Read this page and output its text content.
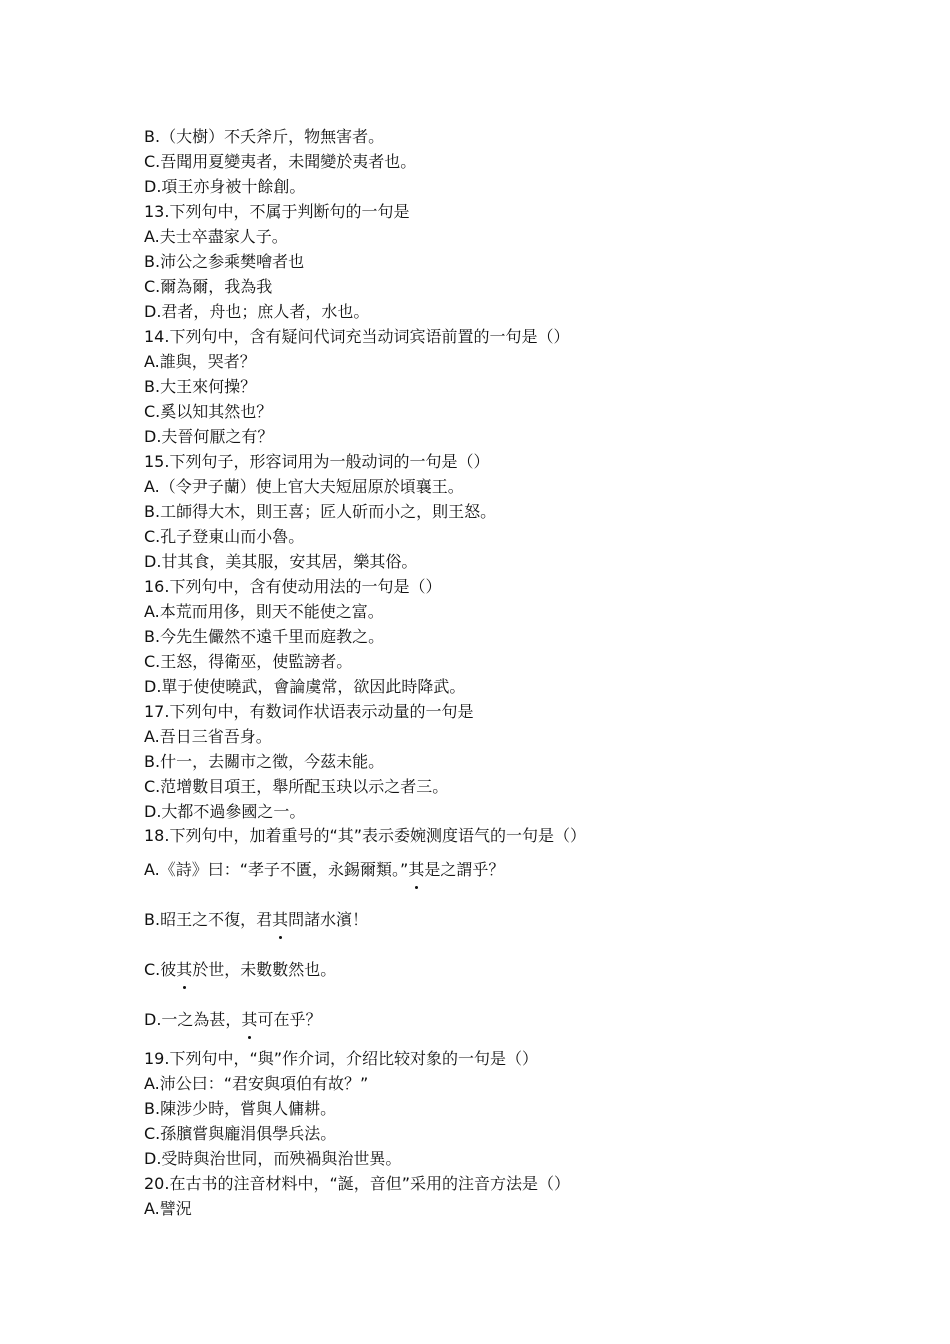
B.（大樹）不夭斧斤，物無害者。
C.吾聞用夏變夷者，未聞變於夷者也。
D.項王亦身被十餘創。
13.下列句中，不属于判断句的一句是
A.夫士卒盡家人子。
B.沛公之参乘樊噲者也
C.爾為爾，我為我
D.君者，舟也；庶人者，水也。
14.下列句中，含有疑问代词充当动词宾语前置的一句是（）
A.誰與，哭者？
B.大王來何操？
C.奚以知其然也？
D.夫晉何厭之有？
15.下列句子，形容词用为一般动词的一句是（）
A.（令尹子蘭）使上官大夫短屈原於頃襄王。
B.工師得大木，則王喜；匠人斫而小之，則王怒。
C.孔子登東山而小魯。
D.甘其食，美其服，安其居，樂其俗。
16.下列句中，含有使动用法的一句是（）
A.本荒而用侈，則天不能使之富。
B.今先生儼然不遠千里而庭教之。
C.王怒，得衛巫，使監謗者。
D.單于使使曉武，會論虞常，欲因此時降武。
17.下列句中，有数词作状语表示动量的一句是
A.吾日三省吾身。
B.什一，去關市之徵，今茲未能。
C.范增數目項王，舉所配玉玦以示之者三。
D.大都不過參國之一。
18.下列句中，加着重号的“其”表示委婉测度语气的一句是（）
A.《詩》曰：“孝子不匱，永錫爾類。”其是之謂乎？
B.昭王之不復，君其問諸水濱！
C.彼其於世，未數數然也。
D.一之為甚，其可在乎？
19.下列句中，“與”作介词，介绍比较对象的一句是（）
A.沛公曰：“君安與項伯有故？”
B.陳涉少時，嘗與人傭耕。
C.孫臏嘗與龐涓俱學兵法。
D.受時與治世同，而殃禍與治世異。
20.在古书的注音材料中，“誕，音但”采用的注音方法是（）
A.譬況
